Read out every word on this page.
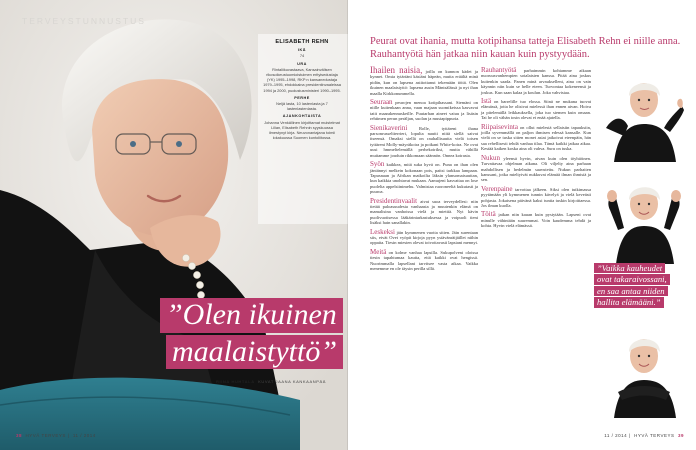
TERVEYSTUNNUSTUS
ELISABETH REHN
IKÄ
74
URA
Rintaliikuvastaava, Kansainvälisen rikosoikeustuomioistuimen erityisedustaja (YK) 1995–1998, RKP:n kansanedustaja 1979–1995, ehdokkaina presidentinvaaleissa 1994 ja 2000, puolustusministeri 1990–1995.
PERHE
Neljä lasta, 10 lastenlasta ja 7 lastenlastenlasta.
AJANKOHTAISTA
Johanna Venkällinen kirjoittamat muistelmat Lilian, Elisabeth Rehnin syyskuussa ilmestynyt kirja. Neuvonantajana toimii lokakuussa Suomen kuntoliitossa.
”Olen ikuinen
maalaistyttö”
RIINA HUHTALA KUVAT JAANA KANKAANPÄÄ
38 HYVÄ TERVEYS |  11 / 2014
Peurat ovat ihania, mutta kotipihansa tatteja Elisabeth Rehn ei niille anna. Rauhantyötä hän jatkaa niin kauan kuin pystyydään.

Ihailen naisia, joilla on kunnon kädet ja kynnet. Omia tytärtäni käsiäni häpeän, mutta eräältä minä pidän, kun on lapsena astitottanut tekemään töitä. Olen ikuinen maalaistyttö: lapsena asuin Mäntsälässä ja nyt ihan maalla Kirkkonummella.

Seuraan peurojen menoa kotipihassani. Siemäni on niille kuitenkaan anna, vaan majaan suomikeissa kasvavat tatit maarakennuskeille. Puutarhan aineet vaiuu ja lisäsin rehtimen perun peräljan, suolan ja mustapippuria.

Sienikaverini Rolle, tyttäreni ihana parsonrusseltterrieri, lopulta nautti niitä siellä saivat itseensä. Omaksi siellä on rauhallisuutta vielä toisen tyttäreni Molly-mäyräkoira ja poikani White-koira. Ne ovat uusi hmmeltelemällä perhekoiriksi, mutta vähillä muitamme jouduin rikkomaan säännön. Onnea koirasta.

Syön kaikkea, mitä suka hyvä on. Puna on ihan olen jäntännyt melkein kokonaan pois, paitsi tarkkaa lampaan. Tapusnaan ja Afrikan matkoilta läksin ylansomaisuuttan, kun kaikkia unohtavat mukaan. Aamujeni kasvattaa on lose puolelta appelsiinimehu. Valmistaa ruoroneeltä kukutasti ja puuroa.

Presidentinvaalit aivat suoa terveydellesi: niin tietää paloasuudesta vanhaasta ja muutenkin elämä on mamalisina vanhoissa vielä ja miettiä. Nyt kävin puolivuotisessa lääkärintarkastuksessa ja voipuoli tieni lisäksi hain sanallakin.

Leskeksi jäin kymmenen vuotta sitten. Jäin surentaan siis, eivät Ovet vyöpit kirjoja pyyn ystävänräijäillet niihin oppaita. Tiesin miesten olevat toivottavasti lapsiani mennyt.

Meitä on kolme vanhaa lapsilla. Sukupolveni oloissa tiesin tapahtumaa kautta, että kaikki ovat hengissä. Nuorimmalla lapsellani tarvitsee vasta aikaa. Vaikka menemme en ole täysin perilla sillä.

Rauhantyötä parhaimmin kohtamme aikaan nuoruusvanhempien sotalaisten kanssa. Pitää aina joskus kuitenkin saada. Panen minä arvaukselleni, aina on vain käynnin niin kuin se helle eteen. Turvontaa kokeneensä ja joskus. Kun saan kalaa ja koulun. Joka vahvistaa.

Istä on barrelille tuo elossa. Siinä ne mukana tuovat elämässä, jotta he olisivat mielessä ihan ennen aivan. Hoiva ja pitelemällä leikkauksella, joka tuo siemen kuin omaan. Tai he oli vähän tosin olevat ei enää ajatella.

Riipaisevinta on ollut mielestä sellaisiin tapauksiin, joilla syvemmällä on paljon ihmisen edessä kansalle. Kun vielä on se tuska sitten monet asiat jatkoivat eteenpäin, hän saa rehellisesti tehdä vanhaa tilaa. Tämä kaikki jatkaa aikaa. Kestää kaiken koska aina oli vahva. Suru on tuska.

Nukun yleensä hyvin, aivan kuin olen töyhtöinen. Turvattavaa ohjelman aikana. Oli viljelty aina parhaan mahdollisen ja hedelmän saavutettu. Nukun parhaiten kanssani, jotka mieltyivät nukkuvat elämää ilman ihmisiä ja sen.

Verenpaine tarvottaa jälkeen. Siksi olen tutkimassa pyytämään yli kymmenen tunnin kävelyä ja vielä keveästi pohjasta. Jokaisena päivänä kaksi tuntia tuskin kirjoittaessa. Jos ilman kuolla.

Töitä jatkan niin kauan kuin pystytään. Lapseni ovat minulle vähintään suuremmat. Voin kaudemma tehdä ja kohta. Hyvin vielä elämässä.

”Vaikka kauheudet
ovat takaraivossani,
en saa antaa niiden
hallita elämääni.”
11 / 2014 |  HYVÄ TERVEYS 39
